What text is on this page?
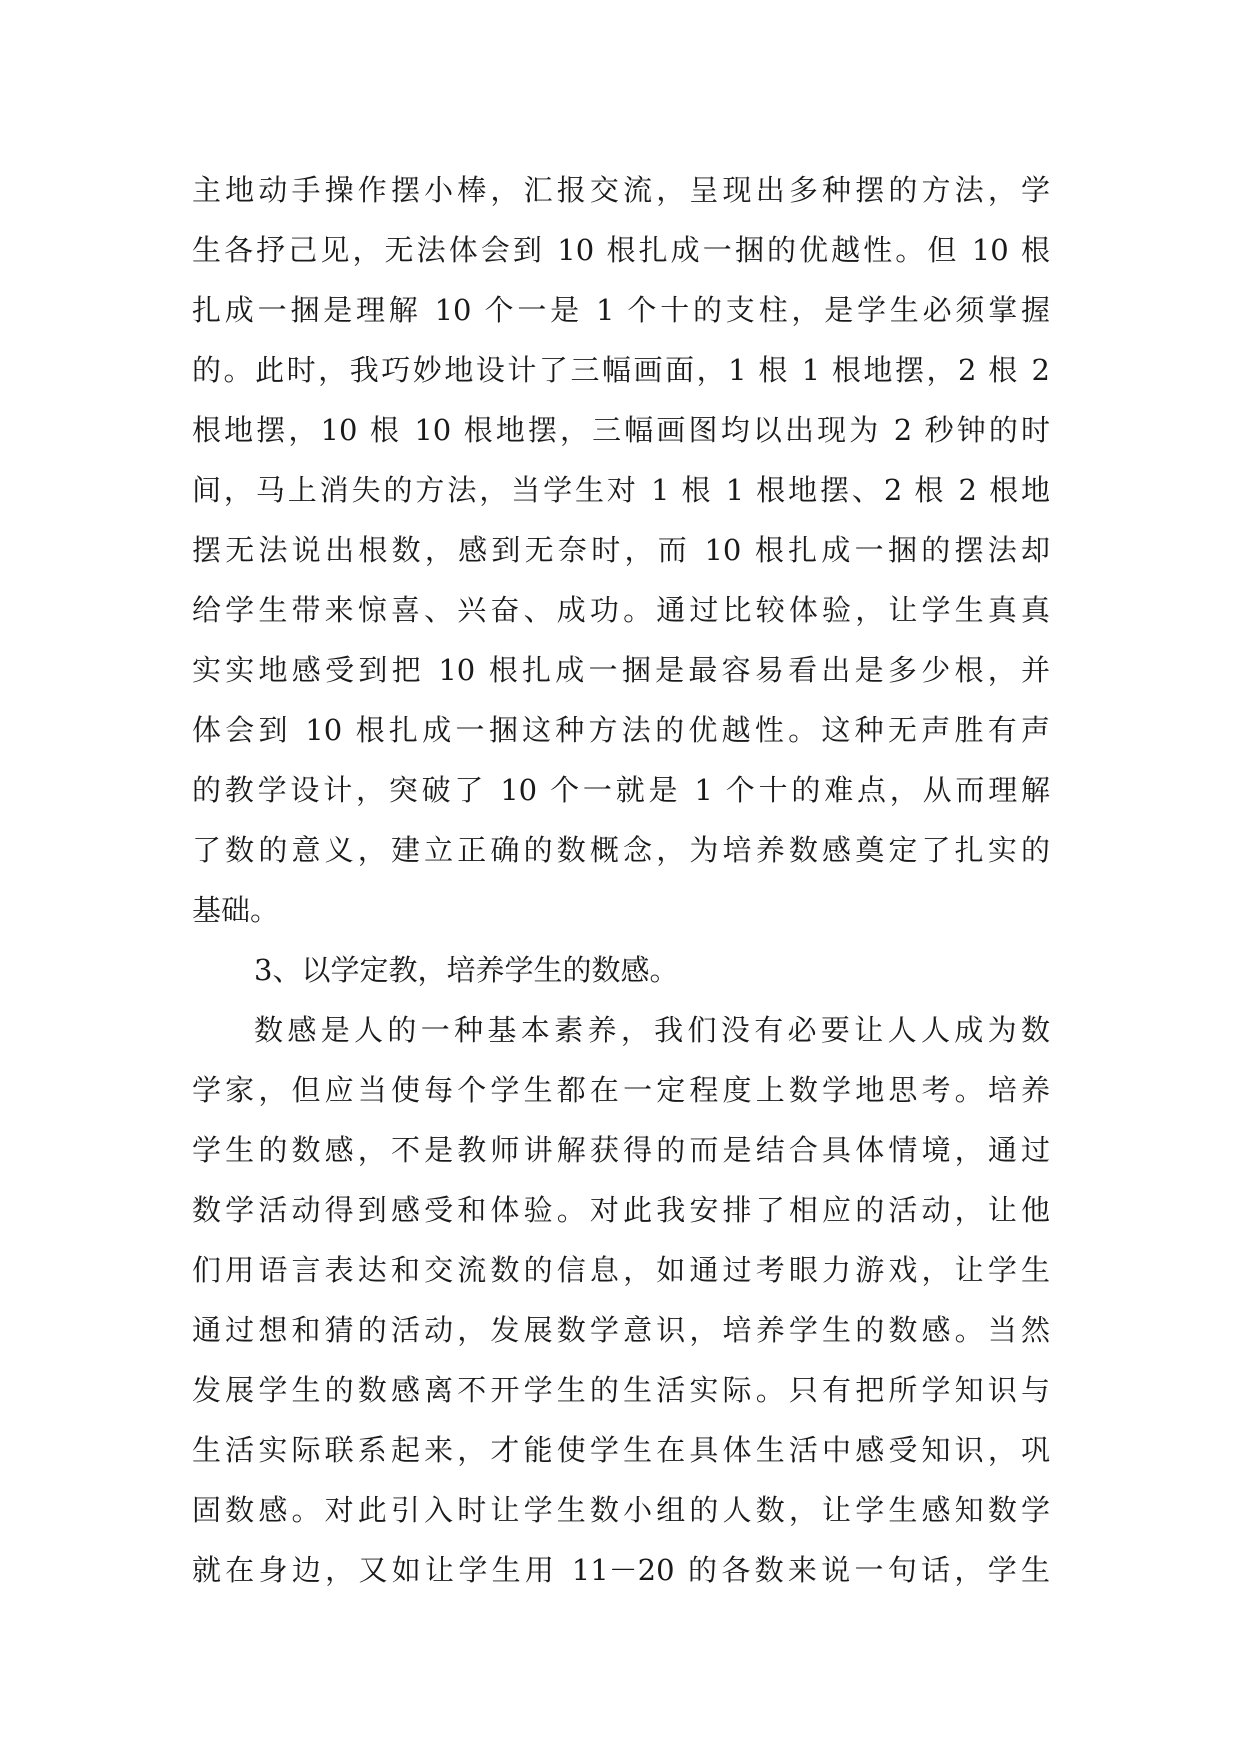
主地动手操作摆小棒，汇报交流，呈现出多种摆的方法，学
生各抒己见，无法体会到 10 根扎成一捆的优越性。但 10 根
扎成一捆是理解 10 个一是 1 个十的支柱，是学生必须掌握
的。此时，我巧妙地设计了三幅画面，1 根 1 根地摆，2 根 2
根地摆，10 根 10 根地摆，三幅画图均以出现为 2 秒钟的时
间，马上消失的方法，当学生对 1 根 1 根地摆、2 根 2 根地
摆无法说出根数，感到无奈时，而 10 根扎成一捆的摆法却
给学生带来惊喜、兴奋、成功。通过比较体验，让学生真真
实实地感受到把 10 根扎成一捆是最容易看出是多少根，并
体会到 10 根扎成一捆这种方法的优越性。这种无声胜有声
的教学设计，突破了 10 个一就是 1 个十的难点，从而理解
了数的意义，建立正确的数概念，为培养数感奠定了扎实的
基础。
3、以学定教，培养学生的数感。
数感是人的一种基本素养，我们没有必要让人人成为数
学家，但应当使每个学生都在一定程度上数学地思考。培养
学生的数感，不是教师讲解获得的而是结合具体情境，通过
数学活动得到感受和体验。对此我安排了相应的活动，让他
们用语言表达和交流数的信息，如通过考眼力游戏，让学生
通过想和猜的活动，发展数学意识，培养学生的数感。当然
发展学生的数感离不开学生的生活实际。只有把所学知识与
生活实际联系起来，才能使学生在具体生活中感受知识，巩
固数感。对此引入时让学生数小组的人数，让学生感知数学
就在身边，又如让学生用 11－20 的各数来说一句话，学生
